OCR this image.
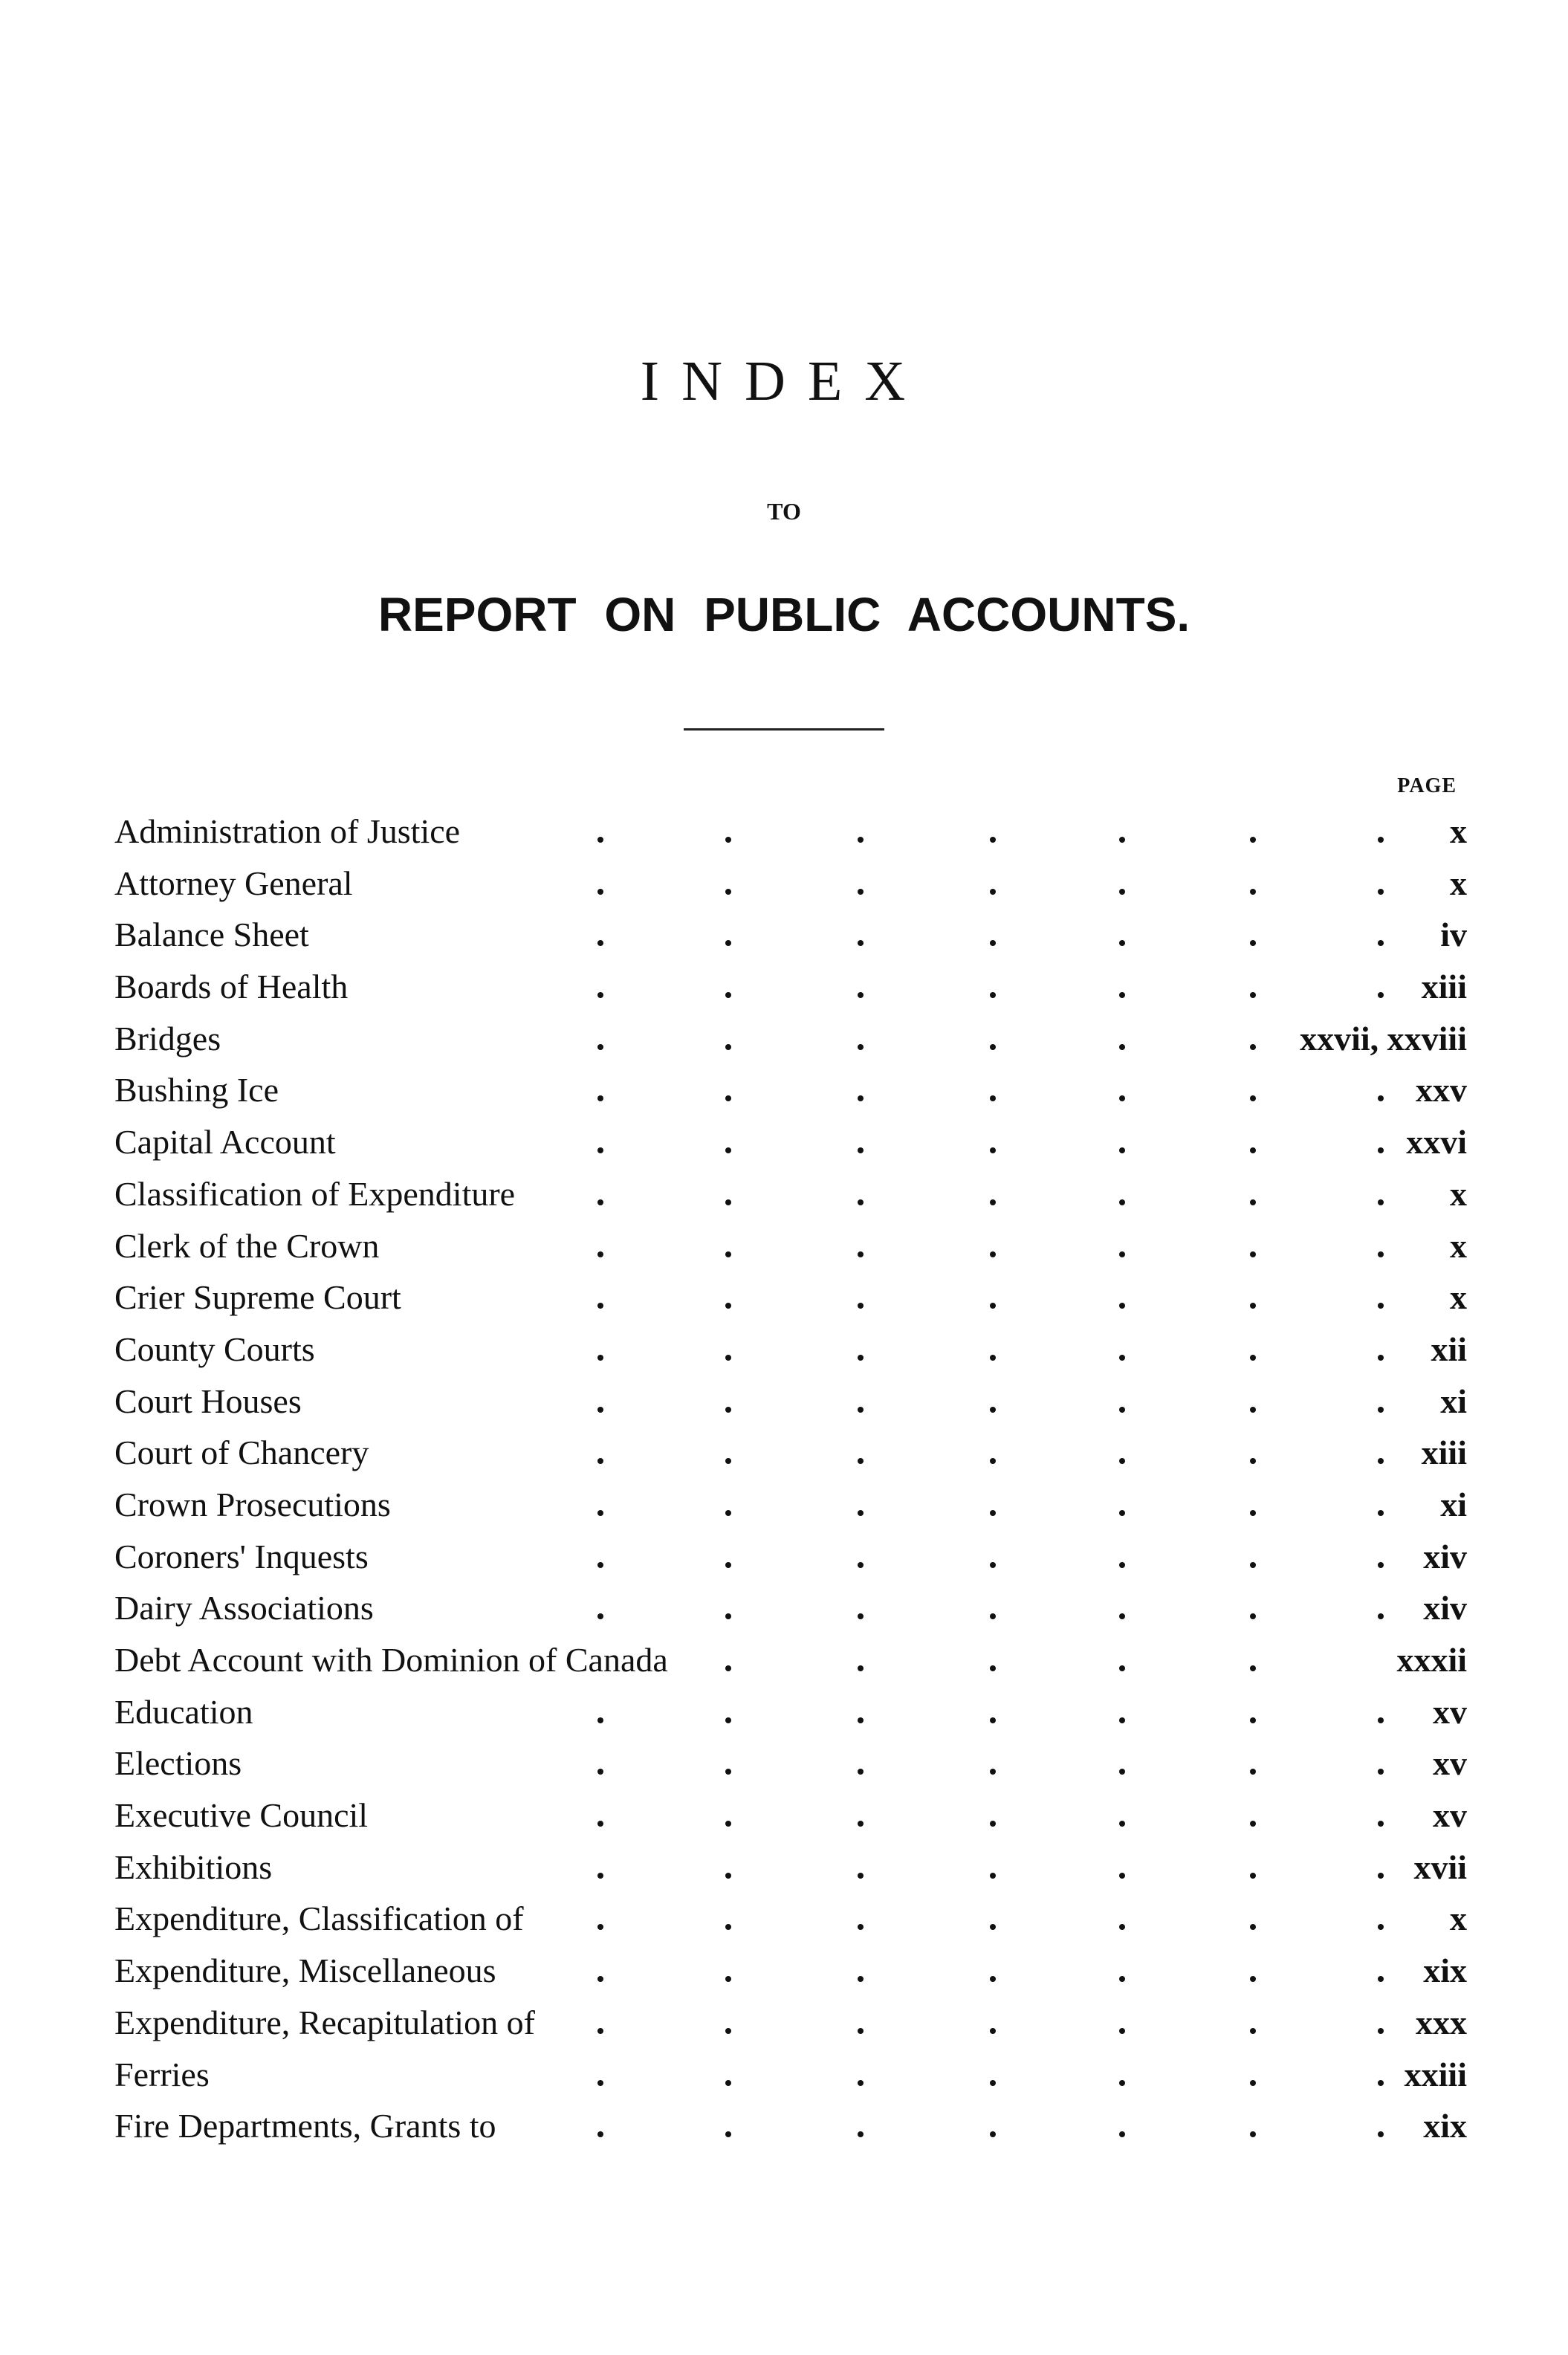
INDEX
TO
REPORT ON PUBLIC ACCOUNTS.
PAGE
Administration of Justice	x
Attorney General	x
Balance Sheet	iv
Boards of Health	xiii
Bridges	xxvii, xxviii
Bushing Ice	xxv
Capital Account	xxvi
Classification of Expenditure	x
Clerk of the Crown	x
Crier Supreme Court	x
County Courts	xii
Court Houses	xi
Court of Chancery	xiii
Crown Prosecutions	xi
Coroners' Inquests	xiv
Dairy Associations	xiv
Debt Account with Dominion of Canada	xxxii
Education	xv
Elections	xv
Executive Council	xv
Exhibitions	xvii
Expenditure, Classification of	x
Expenditure, Miscellaneous	xix
Expenditure, Recapitulation of	xxx
Ferries	xxiii
Fire Departments, Grants to	xix
